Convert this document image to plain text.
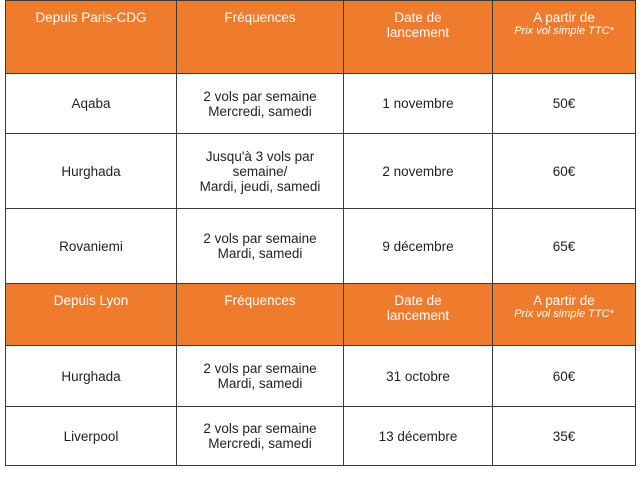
Depuis Paris-CDG	Fréquences	Date de
lancement	A partir de
Prix vol simple TTC*

Aqaba	2 vols par semaine
Mercredi, samedi	1 novembre	50€
Hurghada	Jusqu'à 3 vols par
semaine/
Mardi, jeudi, samedi	2 novembre	60€
Rovaniemi	2 vols par semaine
Mardi, samedi	9 décembre	65€
Depuis Lyon	Fréquences	Date de
lancement	A partir de
Prix vol simple TTC*

Hurghada	2 vols par semaine
Mardi, samedi	31 octobre	60€
Liverpool	2 vols par semaine
Mercredi, samedi	13 décembre	35€
